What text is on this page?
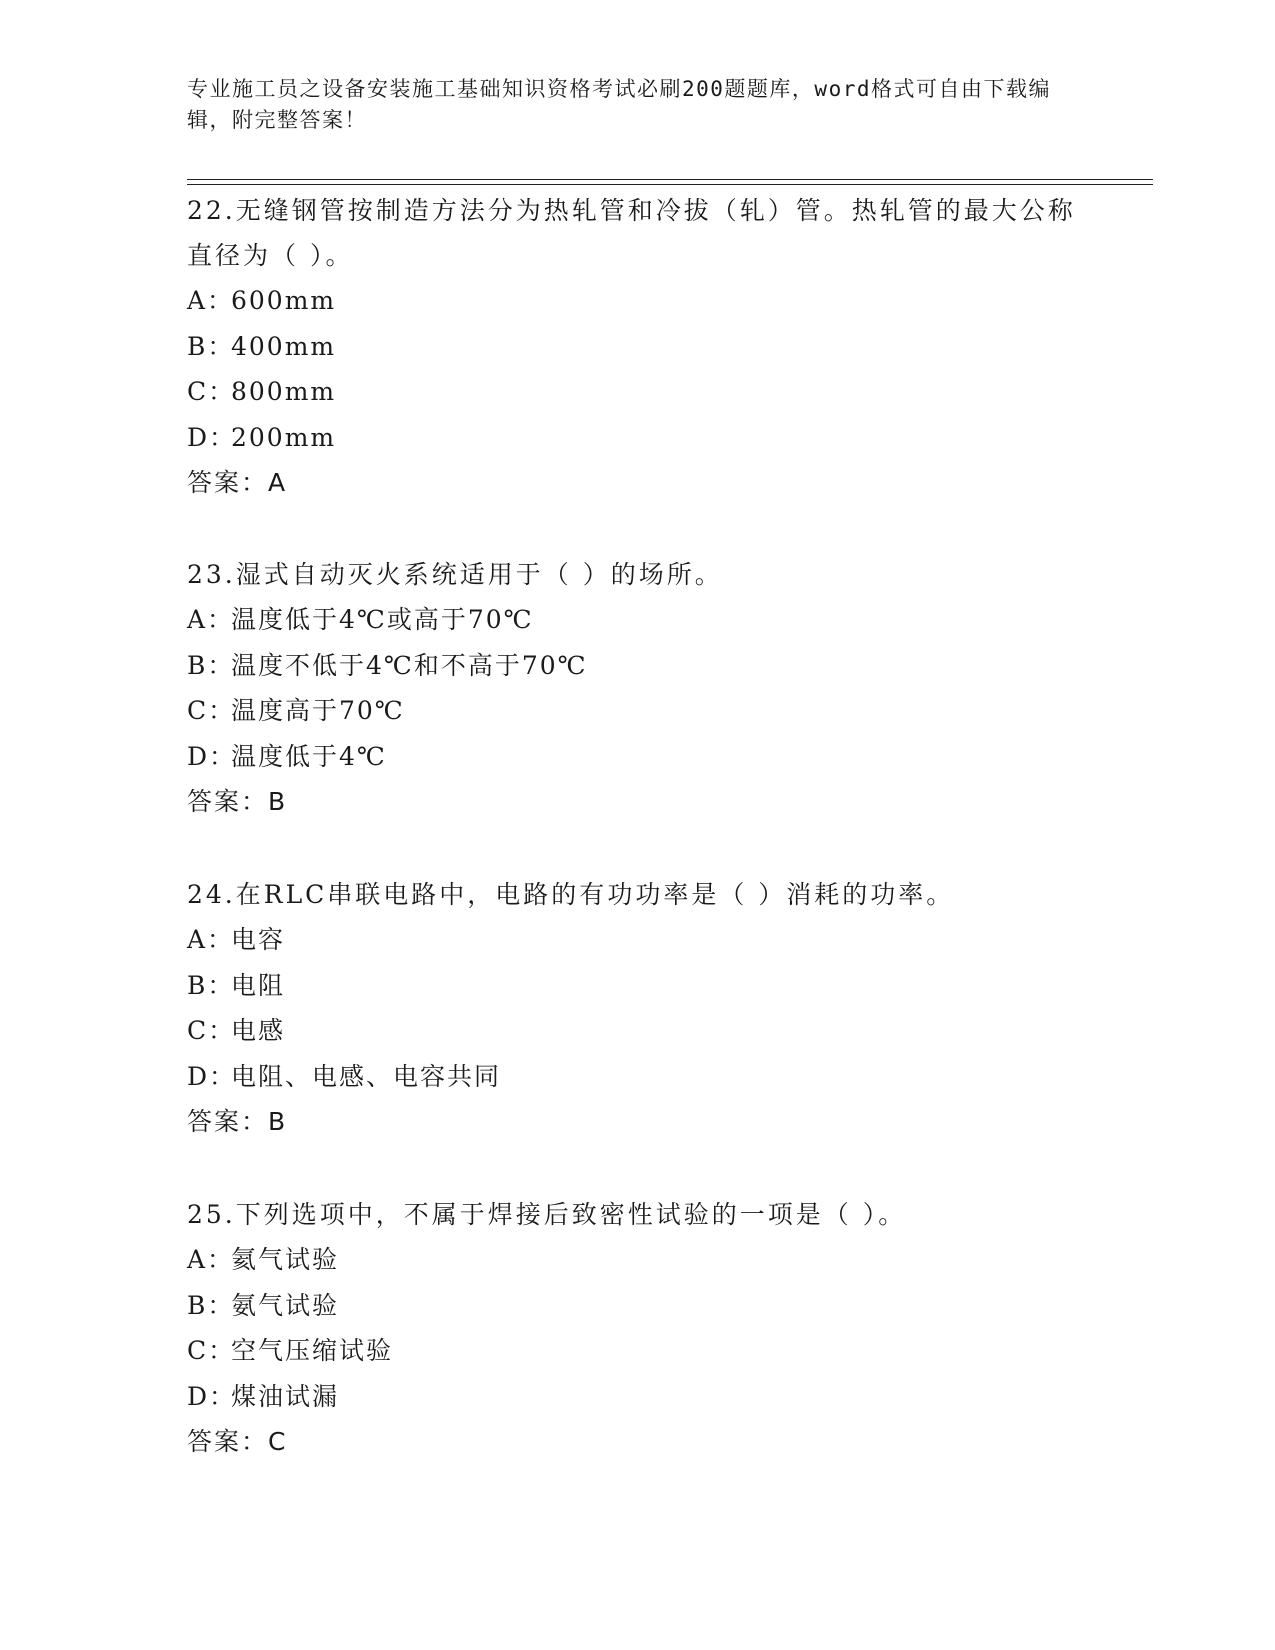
专业施工员之设备安装施工基础知识资格考试必刷200题题库，word格式可自由下载编辑，附完整答案！

22.无缝钢管按制造方法分为热轧管和冷拔（轧）管。热轧管的最大公称直径为（ ）。

A：600mm

B：400mm

C：800mm

D：200mm

答案：A

23.湿式自动灭火系统适用于（ ）的场所。

A：温度低于4℃或高于70℃

B：温度不低于4℃和不高于70℃

C：温度高于70℃

D：温度低于4℃

答案：B

24.在RLC串联电路中，电路的有功功率是（ ）消耗的功率。

A：电容

B：电阻

C：电感

D：电阻、电感、电容共同

答案：B

25.下列选项中，不属于焊接后致密性试验的一项是（ ）。

A：氦气试验

B：氨气试验

C：空气压缩试验

D：煤油试漏

答案：C
